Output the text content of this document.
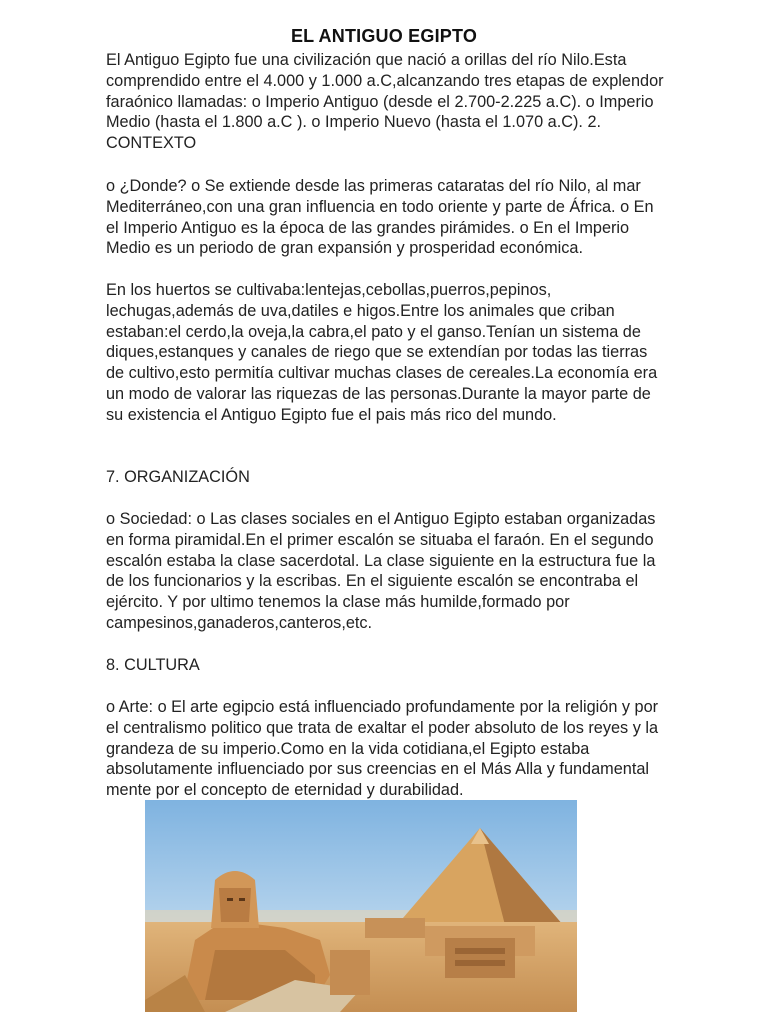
EL ANTIGUO EGIPTO
El Antiguo Egipto fue una civilización que nació a orillas del río Nilo.Esta comprendido entre el 4.000 y 1.000 a.C,alcanzando tres etapas de explendor faraónico llamadas: o Imperio Antiguo (desde el 2.700-2.225 a.C). o Imperio Medio (hasta el 1.800 a.C ). o Imperio Nuevo (hasta el 1.070 a.C). 2. CONTEXTO
o ¿Donde? o Se extiende desde las primeras cataratas del río Nilo, al mar Mediterráneo,con una gran influencia en todo oriente y parte de África. o En el Imperio Antiguo es la época de las grandes pirámides. o En el Imperio Medio es un periodo de gran expansión y prosperidad económica.
En los huertos se cultivaba:lentejas,cebollas,puerros,pepinos, lechugas,además de uva,datiles e higos.Entre los animales que criban estaban:el cerdo,la oveja,la cabra,el pato y el ganso.Tenían un sistema de diques,estanques y canales de riego que se extendían por todas las tierras de cultivo,esto permitía cultivar muchas clases de cereales.La economía era un modo de valorar las riquezas de las personas.Durante la mayor parte de su existencia el Antiguo Egipto fue el pais más rico del mundo.
7. ORGANIZACIÓN
o Sociedad: o Las clases sociales en el Antiguo Egipto estaban organizadas en forma piramidal.En el primer escalón se situaba el faraón. En el segundo escalón estaba la clase sacerdotal. La clase siguiente en la estructura fue la de los funcionarios y la escribas. En el siguiente escalón se encontraba el ejército. Y por ultimo tenemos la clase más humilde,formado por campesinos,ganaderos,canteros,etc.
8. CULTURA
o Arte: o El arte egipcio está influenciado profundamente por la religión y por el centralismo politico que trata de exaltar el poder absoluto de los reyes y la grandeza de su imperio.Como en la vida cotidiana,el Egipto estaba absolutamente influenciado por sus creencias en el Más Alla y fundamental mente por el concepto de eternidad y durabilidad.
